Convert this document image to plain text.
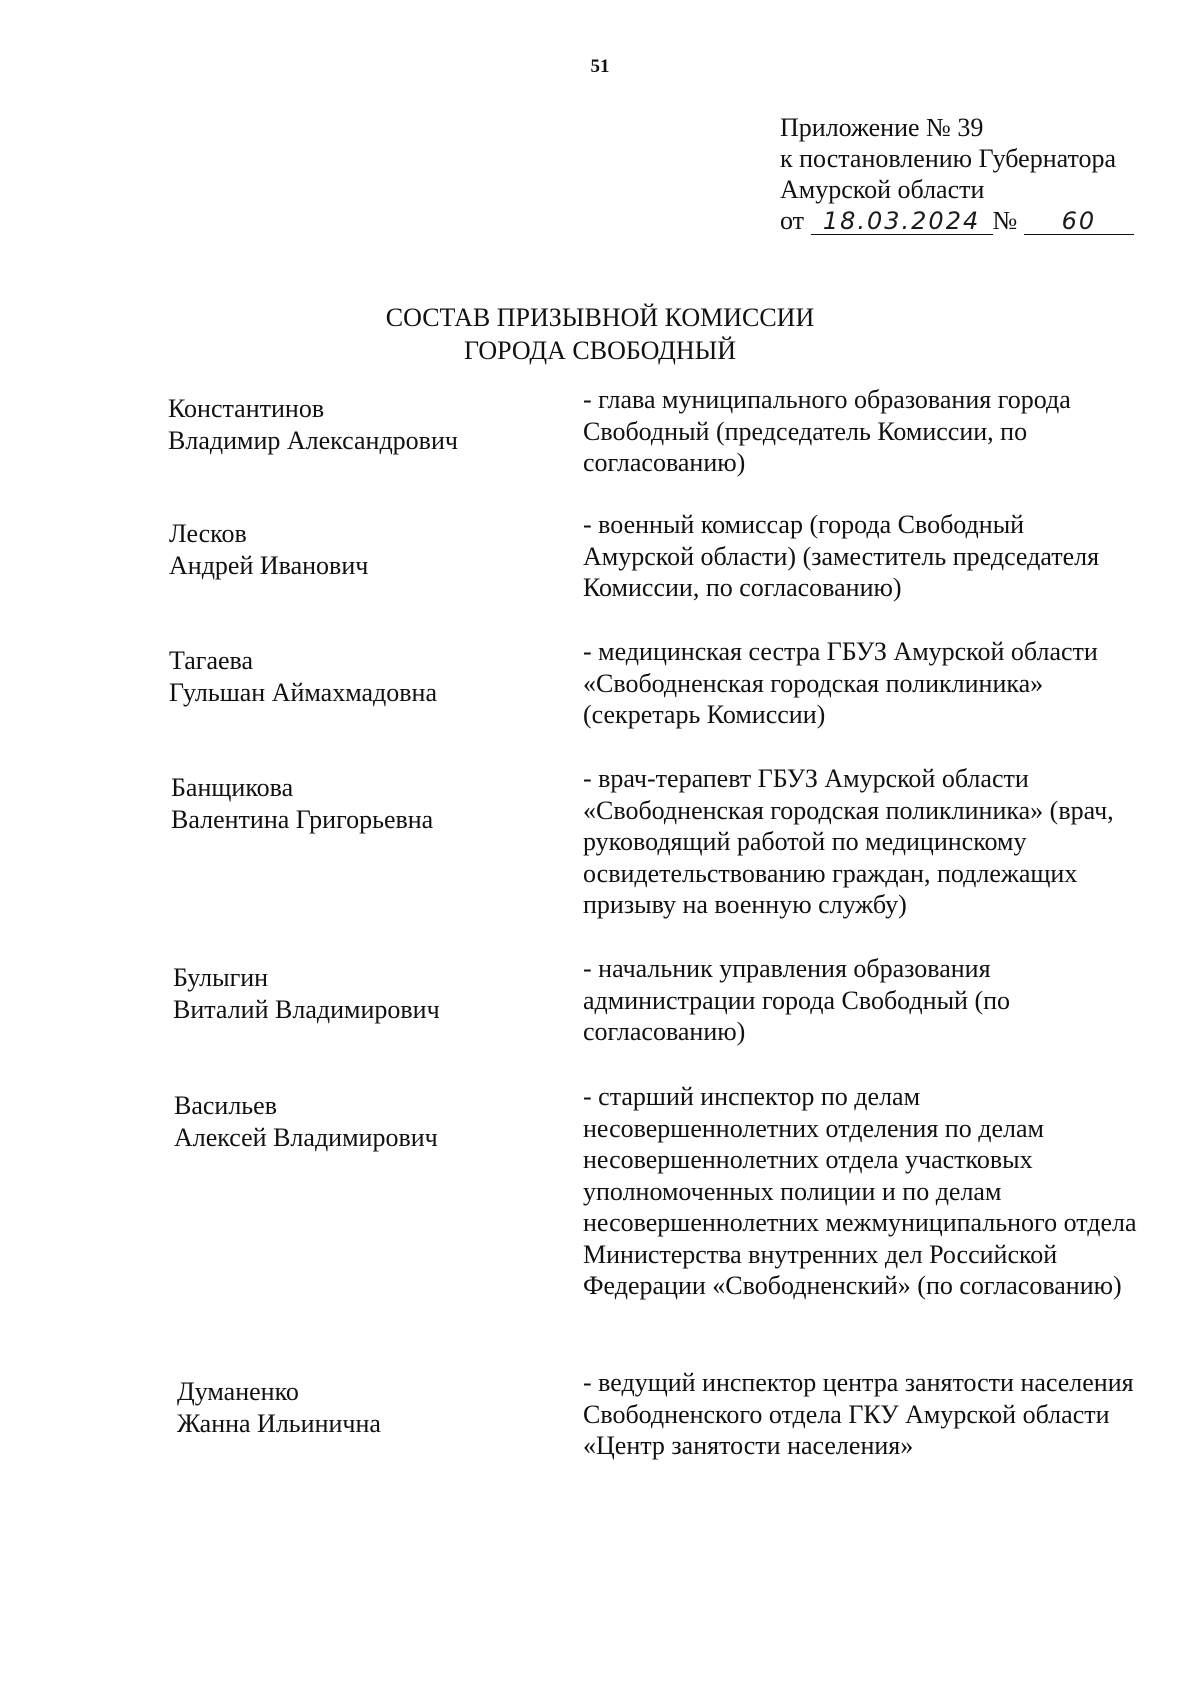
51
Приложение № 39
к постановлению Губернатора
Амурской области
от 18.03.2024 № 60
СОСТАВ ПРИЗЫВНОЙ КОМИССИИ
ГОРОДА СВОБОДНЫЙ
Константинов
Владимир Александрович
- глава муниципального образования города Свободный (председатель Комиссии, по согласованию)
Лесков
Андрей Иванович
- военный комиссар (города Свободный Амурской области) (заместитель председателя Комиссии, по согласованию)
Тагаева
Гульшан Аймахмадовна
- медицинская сестра ГБУЗ Амурской области «Свободненская городская поликлиника» (секретарь Комиссии)
Банщикова
Валентина Григорьевна
- врач-терапевт ГБУЗ Амурской области «Свободненская городская поликлиника» (врач, руководящий работой по медицинскому освидетельствованию граждан, подлежащих призыву на военную службу)
Булыгин
Виталий Владимирович
- начальник управления образования администрации города Свободный (по согласованию)
Васильев
Алексей Владимирович
- старший инспектор по делам несовершеннолетних отделения по делам несовершеннолетних отдела участковых уполномоченных полиции и по делам несовершеннолетних межмуниципального отдела Министерства внутренних дел Российской Федерации «Свободненский» (по согласованию)
Думаненко
Жанна Ильинична
- ведущий инспектор центра занятости населения Свободненского отдела ГКУ Амурской области «Центр занятости населения»
